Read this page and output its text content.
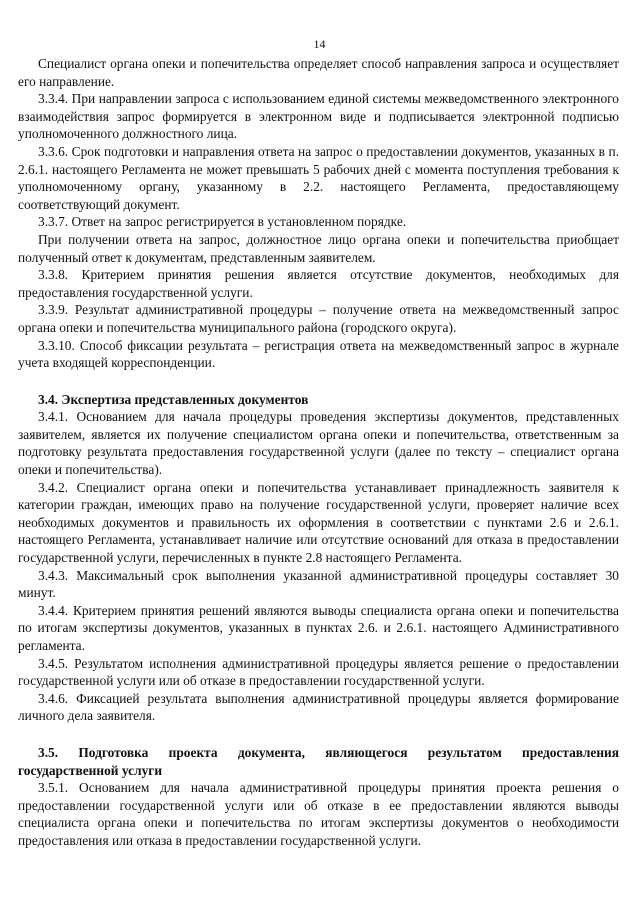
14

Специалист органа опеки и попечительства определяет способ направления запроса и осуществляет его направление.

3.3.4. При направлении запроса с использованием единой системы межведомственного электронного взаимодействия запрос формируется в электронном виде и подписывается электронной подписью уполномоченного должностного лица.

3.3.6. Срок подготовки и направления ответа на запрос о предоставлении документов, указанных в п. 2.6.1. настоящего Регламента не может превышать 5 рабочих дней с момента поступления требования к уполномоченному органу, указанному в 2.2. настоящего Регламента, предоставляющему соответствующий документ.

3.3.7. Ответ на запрос регистрируется в установленном порядке.

При получении ответа на запрос, должностное лицо органа опеки и попечительства приобщает полученный ответ к документам, представленным заявителем.

3.3.8. Критерием принятия решения является отсутствие документов, необходимых для предоставления государственной услуги.

3.3.9. Результат административной процедуры – получение ответа на межведомственный запрос органа опеки и попечительства муниципального района (городского округа).

3.3.10. Способ фиксации результата – регистрация ответа на межведомственный запрос в журнале учета входящей корреспонденции.

3.4. Экспертиза представленных документов

3.4.1. Основанием для начала процедуры проведения экспертизы документов, представленных заявителем, является их получение специалистом органа опеки и попечительства, ответственным за подготовку результата предоставления государственной услуги (далее по тексту – специалист органа опеки и попечительства).

3.4.2. Специалист органа опеки и попечительства устанавливает принадлежность заявителя к категории граждан, имеющих право на получение государственной услуги, проверяет наличие всех необходимых документов и правильность их оформления в соответствии с пунктами 2.6 и 2.6.1. настоящего Регламента, устанавливает наличие или отсутствие оснований для отказа в предоставлении государственной услуги, перечисленных в пункте 2.8 настоящего Регламента.

3.4.3. Максимальный срок выполнения указанной административной процедуры составляет 30 минут.

3.4.4. Критерием принятия решений являются выводы специалиста органа опеки и попечительства по итогам экспертизы документов, указанных в пунктах 2.6. и 2.6.1. настоящего Административного регламента.

3.4.5. Результатом исполнения административной процедуры является решение о предоставлении государственной услуги или об отказе в предоставлении государственной услуги.

3.4.6. Фиксацией результата выполнения административной процедуры является формирование личного дела заявителя.

3.5. Подготовка проекта документа, являющегося результатом предоставления государственной услуги

3.5.1. Основанием для начала административной процедуры принятия проекта решения о предоставлении государственной услуги или об отказе в ее предоставлении являются выводы специалиста органа опеки и попечительства по итогам экспертизы документов о необходимости предоставления или отказа в предоставлении государственной услуги.
